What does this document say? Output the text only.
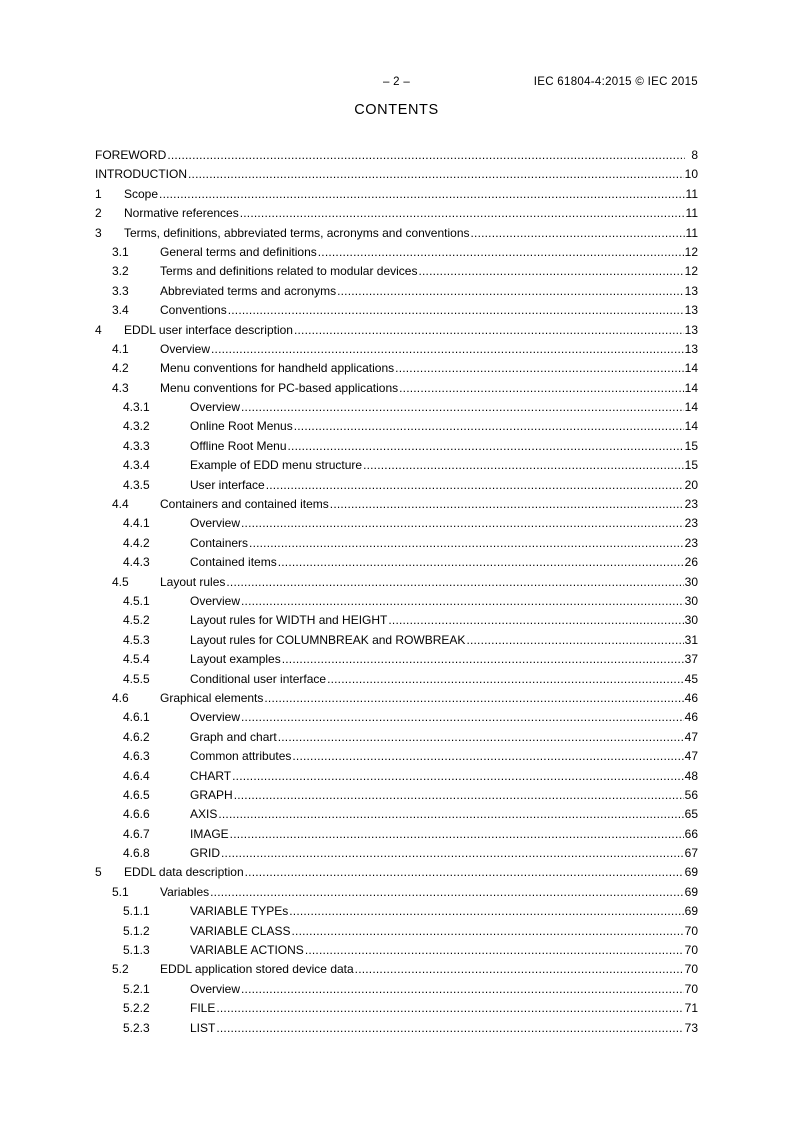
– 2 –	IEC 61804-4:2015 © IEC 2015
CONTENTS
FOREWORD .....	8
INTRODUCTION .....	10
1	Scope .....	11
2	Normative references .....	11
3	Terms, definitions, abbreviated terms, acronyms and conventions .....	11
3.1	General terms and definitions .....	12
3.2	Terms and definitions related to modular devices .....	12
3.3	Abbreviated terms and acronyms .....	13
3.4	Conventions .....	13
4	EDDL user interface description .....	13
4.1	Overview .....	13
4.2	Menu conventions for handheld applications .....	14
4.3	Menu conventions for PC-based applications .....	14
4.3.1	Overview .....	14
4.3.2	Online Root Menus .....	14
4.3.3	Offline Root Menu .....	15
4.3.4	Example of EDD menu structure .....	15
4.3.5	User interface .....	20
4.4	Containers and contained items .....	23
4.4.1	Overview .....	23
4.4.2	Containers .....	23
4.4.3	Contained items .....	26
4.5	Layout rules .....	30
4.5.1	Overview .....	30
4.5.2	Layout rules for WIDTH and HEIGHT .....	30
4.5.3	Layout rules for COLUMNBREAK and ROWBREAK .....	31
4.5.4	Layout examples .....	37
4.5.5	Conditional user interface .....	45
4.6	Graphical elements .....	46
4.6.1	Overview .....	46
4.6.2	Graph and chart .....	47
4.6.3	Common attributes .....	47
4.6.4	CHART .....	48
4.6.5	GRAPH .....	56
4.6.6	AXIS .....	65
4.6.7	IMAGE .....	66
4.6.8	GRID .....	67
5	EDDL data description .....	69
5.1	Variables .....	69
5.1.1	VARIABLE TYPEs .....	69
5.1.2	VARIABLE CLASS .....	70
5.1.3	VARIABLE ACTIONS .....	70
5.2	EDDL application stored device data .....	70
5.2.1	Overview .....	70
5.2.2	FILE .....	71
5.2.3	LIST .....	73
